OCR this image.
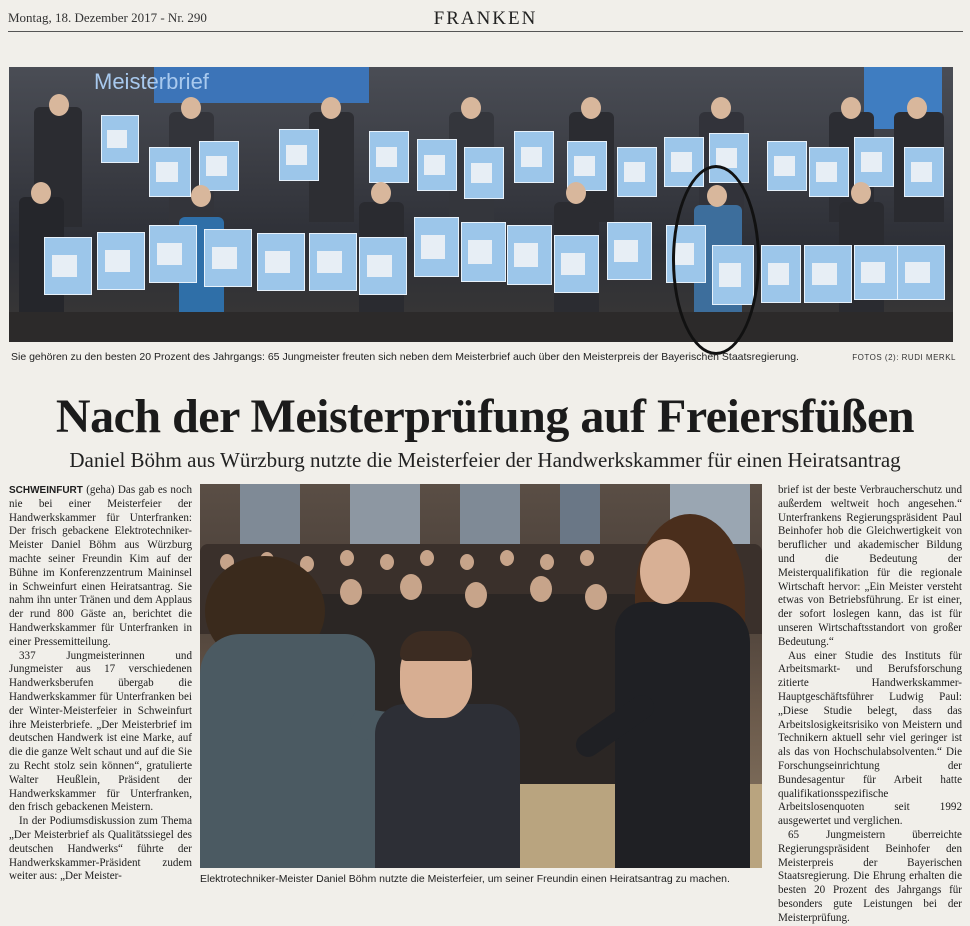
Montag, 18. Dezember 2017 - Nr. 290	FRANKEN
Meisterbrief
Sie gehören zu den besten 20 Prozent des Jahrgangs: 65 Jungmeister freuten sich neben dem Meisterbrief auch über den Meisterpreis der Bayerischen Staatsregierung.	FOTOS (2): RUDI MERKL
Nach der Meisterprüfung auf Freiersfüßen
Daniel Böhm aus Würzburg nutzte die Meisterfeier der Handwerkskammer für einen Heiratsantrag

SCHWEINFURT (geha) Das gab es noch nie bei einer Meisterfeier der Handwerkskammer für Unterfranken: Der frisch gebackene Elektrotechniker-Meister Daniel Böhm aus Würzburg machte seiner Freundin Kim auf der Bühne im Konferenzzentrum Maininsel in Schweinfurt einen Heiratsantrag. Sie nahm ihn unter Tränen und dem Applaus der rund 800 Gäste an, berichtet die Handwerkskammer für Unterfranken in einer Pressemitteilung.

337 Jungmeisterinnen und Jungmeister aus 17 verschiedenen Handwerksberufen übergab die Handwerkskammer für Unterfranken bei der Winter-Meisterfeier in Schweinfurt ihre Meisterbriefe. „Der Meisterbrief im deutschen Handwerk ist eine Marke, auf die die ganze Welt schaut und auf die Sie zu Recht stolz sein können“, gratulierte Walter Heußlein, Präsident der Handwerkskammer für Unterfranken, den frisch gebackenen Meistern.

In der Podiumsdiskussion zum Thema „Der Meisterbrief als Qualitätssiegel des deutschen Handwerks“ führte der Handwerkskammer-Präsident zudem weiter aus: „Der Meister-	Elektrotechniker-Meister Daniel Böhm nutzte die Meisterfeier, um seiner Freundin einen Heiratsantrag zu machen.

brief ist der beste Verbraucherschutz und außerdem weltweit hoch angesehen.“ Unterfrankens Regierungspräsident Paul Beinhofer hob die Gleichwertigkeit von beruflicher und akademischer Bildung und die Bedeutung der Meisterqualifikation für die regionale Wirtschaft hervor: „Ein Meister versteht etwas von Betriebsführung. Er ist einer, der sofort loslegen kann, das ist für unseren Wirtschaftsstandort von großer Bedeutung.“

Aus einer Studie des Instituts für Arbeitsmarkt- und Berufsforschung zitierte Handwerkskammer-Hauptgeschäftsführer Ludwig Paul: „Diese Studie belegt, dass das Arbeitslosigkeitsrisiko von Meistern und Technikern aktuell sehr viel geringer ist als das von Hochschulabsolventen.“ Die Forschungseinrichtung der Bundesagentur für Arbeit hatte qualifikationsspezifische Arbeitslosenquoten seit 1992 ausgewertet und verglichen.

65 Jungmeistern überreichte Regierungspräsident Beinhofer den Meisterpreis der Bayerischen Staatsregierung. Die Ehrung erhalten die besten 20 Prozent des Jahrgangs für besonders gute Leistungen bei der Meisterprüfung.
